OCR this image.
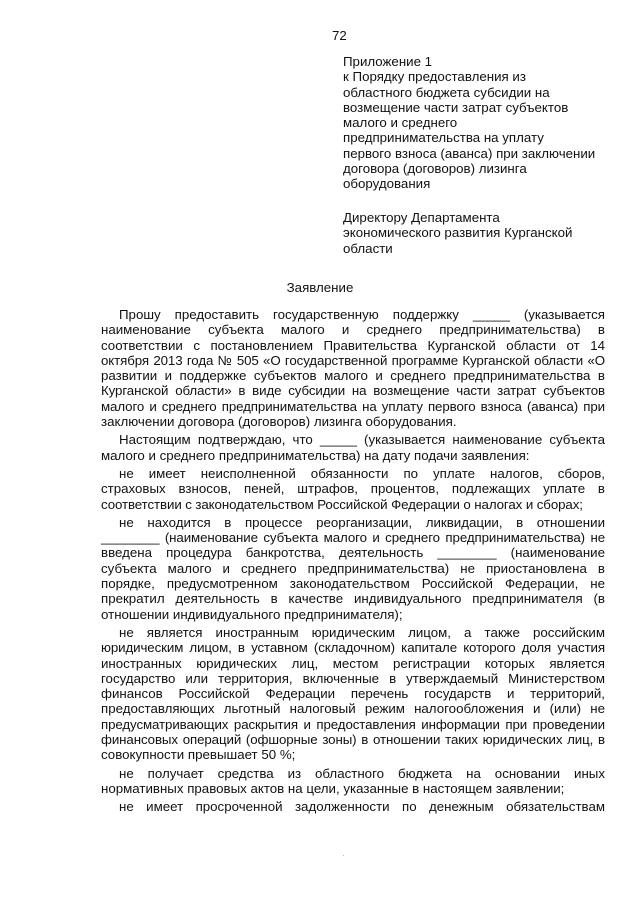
72
Приложение 1
к Порядку предоставления из
областного бюджета субсидии на
возмещение части затрат субъектов
малого и среднего
предпринимательства на уплату
первого взноса (аванса) при заключении
договора (договоров) лизинга
оборудования
Директору Департамента
экономического развития Курганской
области
Заявление
Прошу предоставить государственную поддержку _____ (указывается
наименование субъекта малого и среднего предпринимательства) в
соответствии с постановлением Правительства Курганской области от 14
октября 2013 года № 505 «О государственной программе Курганской области «О
развитии и поддержке субъектов малого и среднего предпринимательства в
Курганской области» в виде субсидии на возмещение части затрат субъектов
малого и среднего предпринимательства на уплату первого взноса (аванса) при
заключении договора (договоров) лизинга оборудования.
Настоящим подтверждаю, что _____ (указывается наименование субъекта
малого и среднего предпринимательства) на дату подачи заявления:
не имеет неисполненной обязанности по уплате налогов, сборов,
страховых взносов, пеней, штрафов, процентов, подлежащих уплате в
соответствии с законодательством Российской Федерации о налогах и сборах;
не находится в процессе реорганизации, ликвидации, в отношении
________ (наименование субъекта малого и среднего предпринимательства) не
введена процедура банкротства, деятельность ________ (наименование
субъекта малого и среднего предпринимательства) не приостановлена в
порядке, предусмотренном законодательством Российской Федерации, не
прекратил деятельность в качестве индивидуального предпринимателя (в
отношении индивидуального предпринимателя);
не является иностранным юридическим лицом, а также российским
юридическим лицом, в уставном (складочном) капитале которого доля участия
иностранных юридических лиц, местом регистрации которых является
государство или территория, включенные в утверждаемый Министерством
финансов Российской Федерации перечень государств и территорий,
предоставляющих льготный налоговый режим налогообложения и (или) не
предусматривающих раскрытия и предоставления информации при проведении
финансовых операций (офшорные зоны) в отношении таких юридических лиц, в
совокупности превышает 50 %;
не получает средства из областного бюджета на основании иных
нормативных правовых актов на цели, указанные в настоящем заявлении;
не имеет просроченной задолженности по денежным обязательствам
